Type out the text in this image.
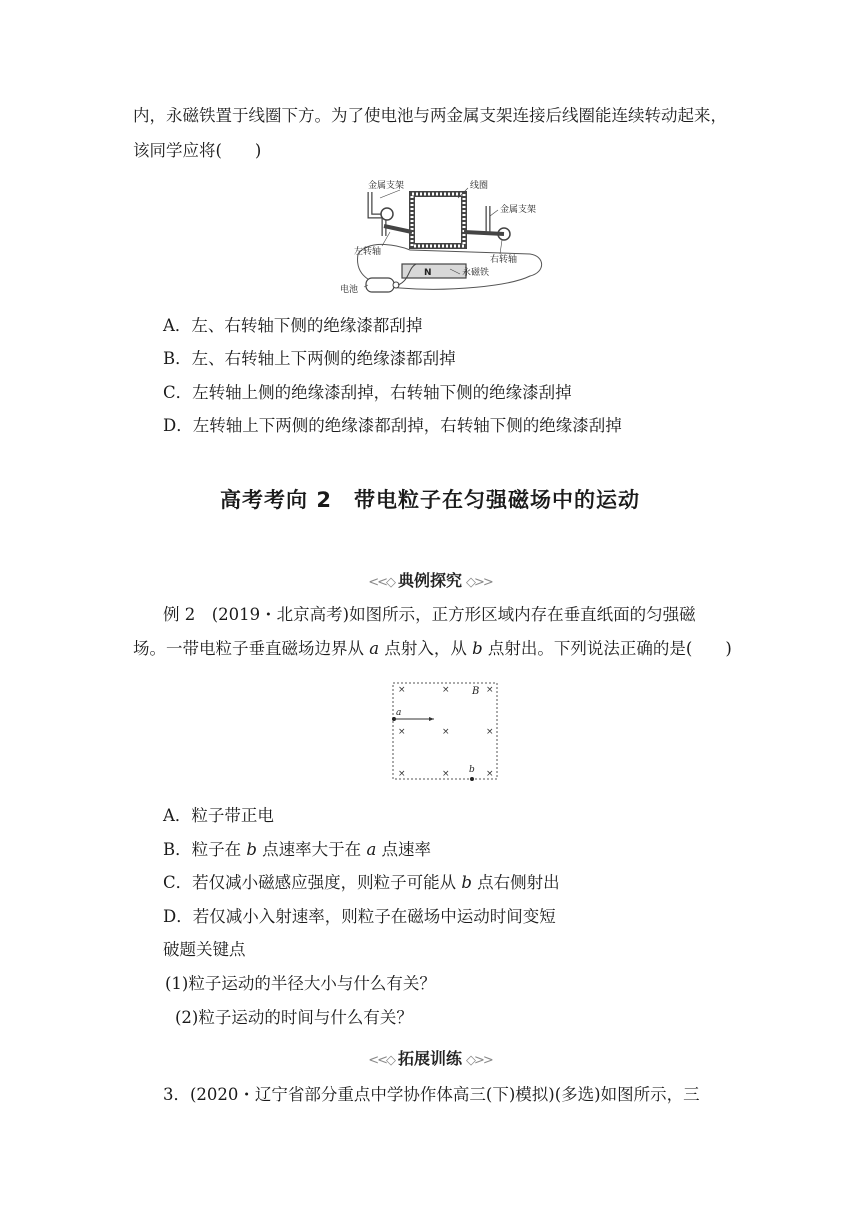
内，永磁铁置于线圈下方。为了使电池与两金属支架连接后线圈能连续转动起来，
该同学应将(　　)
N
金属支架	线圈
金属支架
左转轴
右转轴
永磁铁
电池
A．左、右转轴下侧的绝缘漆都刮掉
B．左、右转轴上下两侧的绝缘漆都刮掉
C．左转轴上侧的绝缘漆刮掉，右转轴下侧的绝缘漆刮掉
D．左转轴上下两侧的绝缘漆都刮掉，右转轴下侧的绝缘漆刮掉
高考考向 2　带电粒子在匀强磁场中的运动
<<◇ 典例探究 ◇>>
例 2　(2019・北京高考)如图所示，正方形区域内存在垂直纸面的匀强磁
场。一带电粒子垂直磁场边界从 a 点射入，从 b 点射出。下列说法正确的是(　　)
×	×	×
×	×	×
×	×	×
B
a
b
A．粒子带正电
B．粒子在 b 点速率大于在 a 点速率
C．若仅减小磁感应强度，则粒子可能从 b 点右侧射出
D．若仅减小入射速率，则粒子在磁场中运动时间变短
破题关键点
(1)粒子运动的半径大小与什么有关？
(2)粒子运动的时间与什么有关？
<<◇ 拓展训练 ◇>>
3．(2020・辽宁省部分重点中学协作体高三(下)模拟)(多选)如图所示，三
